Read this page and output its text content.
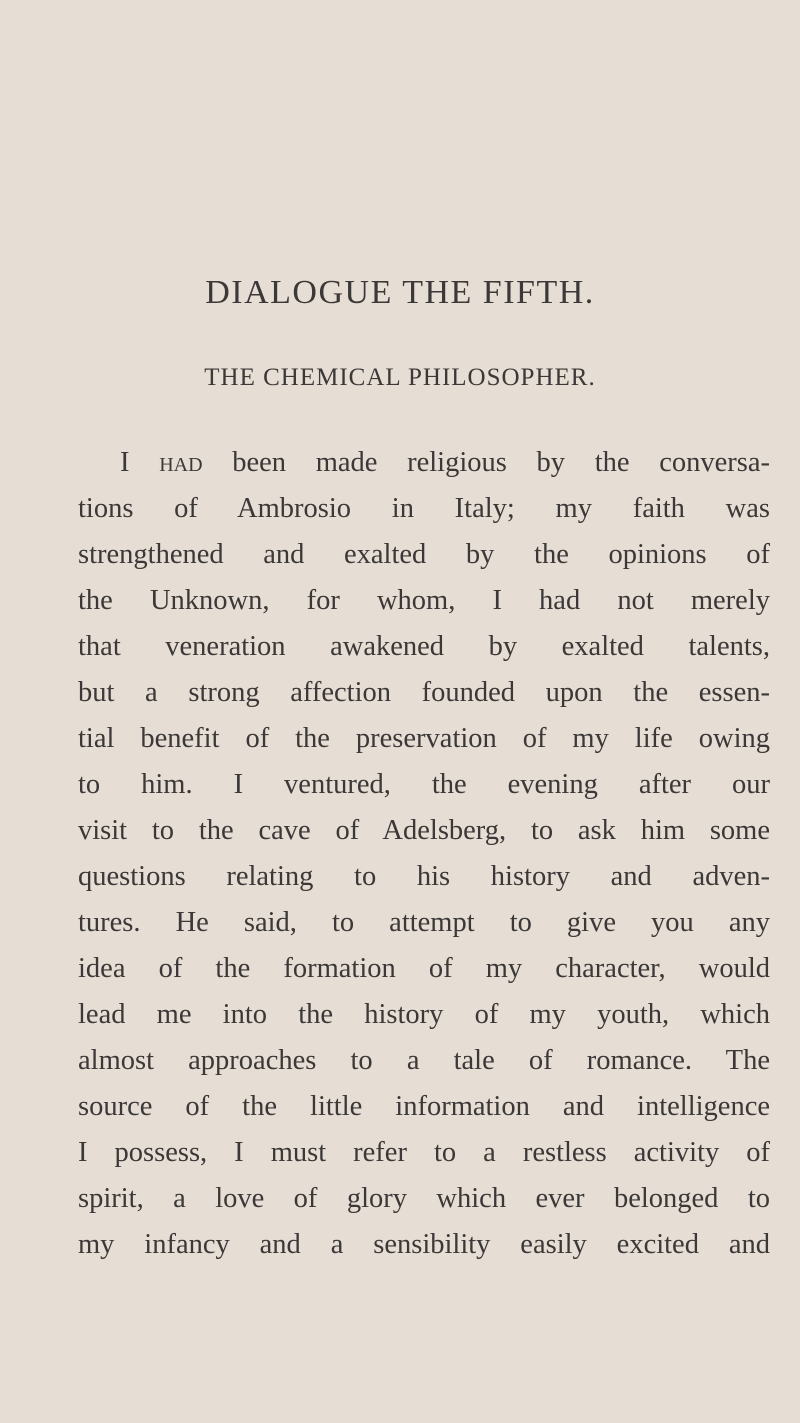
DIALOGUE THE FIFTH.
THE CHEMICAL PHILOSOPHER.
I had been made religious by the conversa-
tions of Ambrosio in Italy; my faith was
strengthened and exalted by the opinions of
the Unknown, for whom, I had not merely
that veneration awakened by exalted talents,
but a strong affection founded upon the essen-
tial benefit of the preservation of my life owing
to him. I ventured, the evening after our
visit to the cave of Adelsberg, to ask him some
questions relating to his history and adven-
tures. He said, to attempt to give you any
idea of the formation of my character, would
lead me into the history of my youth, which
almost approaches to a tale of romance. The
source of the little information and intelligence
I possess, I must refer to a restless activity of
spirit, a love of glory which ever belonged to
my infancy and a sensibility easily excited and
